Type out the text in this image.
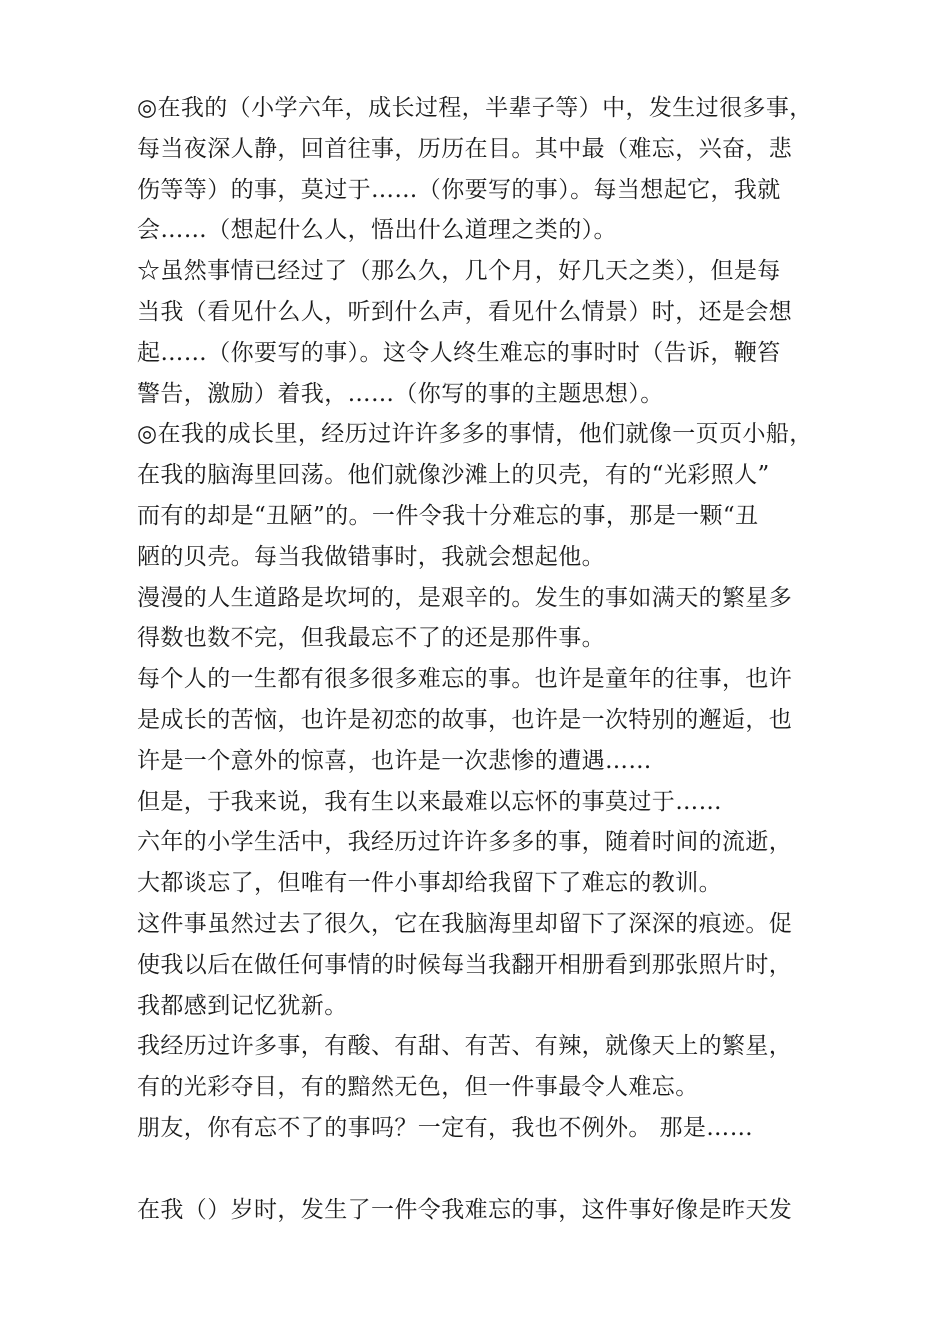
◎在我的（小学六年，成长过程，半辈子等）中，发生过很多事，
每当夜深人静，回首往事，历历在目。其中最（难忘，兴奋，悲
伤等等）的事，莫过于……（你要写的事）。每当想起它，我就
会……（想起什么人，悟出什么道理之类的）。
☆虽然事情已经过了（那么久，几个月，好几天之类），但是每
当我（看见什么人，听到什么声，看见什么情景）时，还是会想
起……（你要写的事）。这令人终生难忘的事时时（告诉，鞭笞
警告，激励）着我，……（你写的事的主题思想）。
◎在我的成长里，经历过许许多多的事情，他们就像一页页小船，
在我的脑海里回荡。他们就像沙滩上的贝壳，有的“光彩照人”
而有的却是“丑陋”的。一件令我十分难忘的事，那是一颗“丑
陋的贝壳。每当我做错事时，我就会想起他。
漫漫的人生道路是坎坷的，是艰辛的。发生的事如满天的繁星多
得数也数不完，但我最忘不了的还是那件事。
每个人的一生都有很多很多难忘的事。也许是童年的往事，也许
是成长的苦恼，也许是初恋的故事，也许是一次特别的邂逅，也
许是一个意外的惊喜，也许是一次悲惨的遭遇……
但是，于我来说，我有生以来最难以忘怀的事莫过于……
六年的小学生活中，我经历过许许多多的事，随着时间的流逝，
大都谈忘了，但唯有一件小事却给我留下了难忘的教训。
这件事虽然过去了很久，它在我脑海里却留下了深深的痕迹。促
使我以后在做任何事情的时候每当我翻开相册看到那张照片时，
我都感到记忆犹新。
我经历过许多事，有酸、有甜、有苦、有辣，就像天上的繁星，
有的光彩夺目，有的黯然无色，但一件事最令人难忘。
朋友，你有忘不了的事吗？一定有，我也不例外。 那是……
在我（）岁时，发生了一件令我难忘的事，这件事好像是昨天发
